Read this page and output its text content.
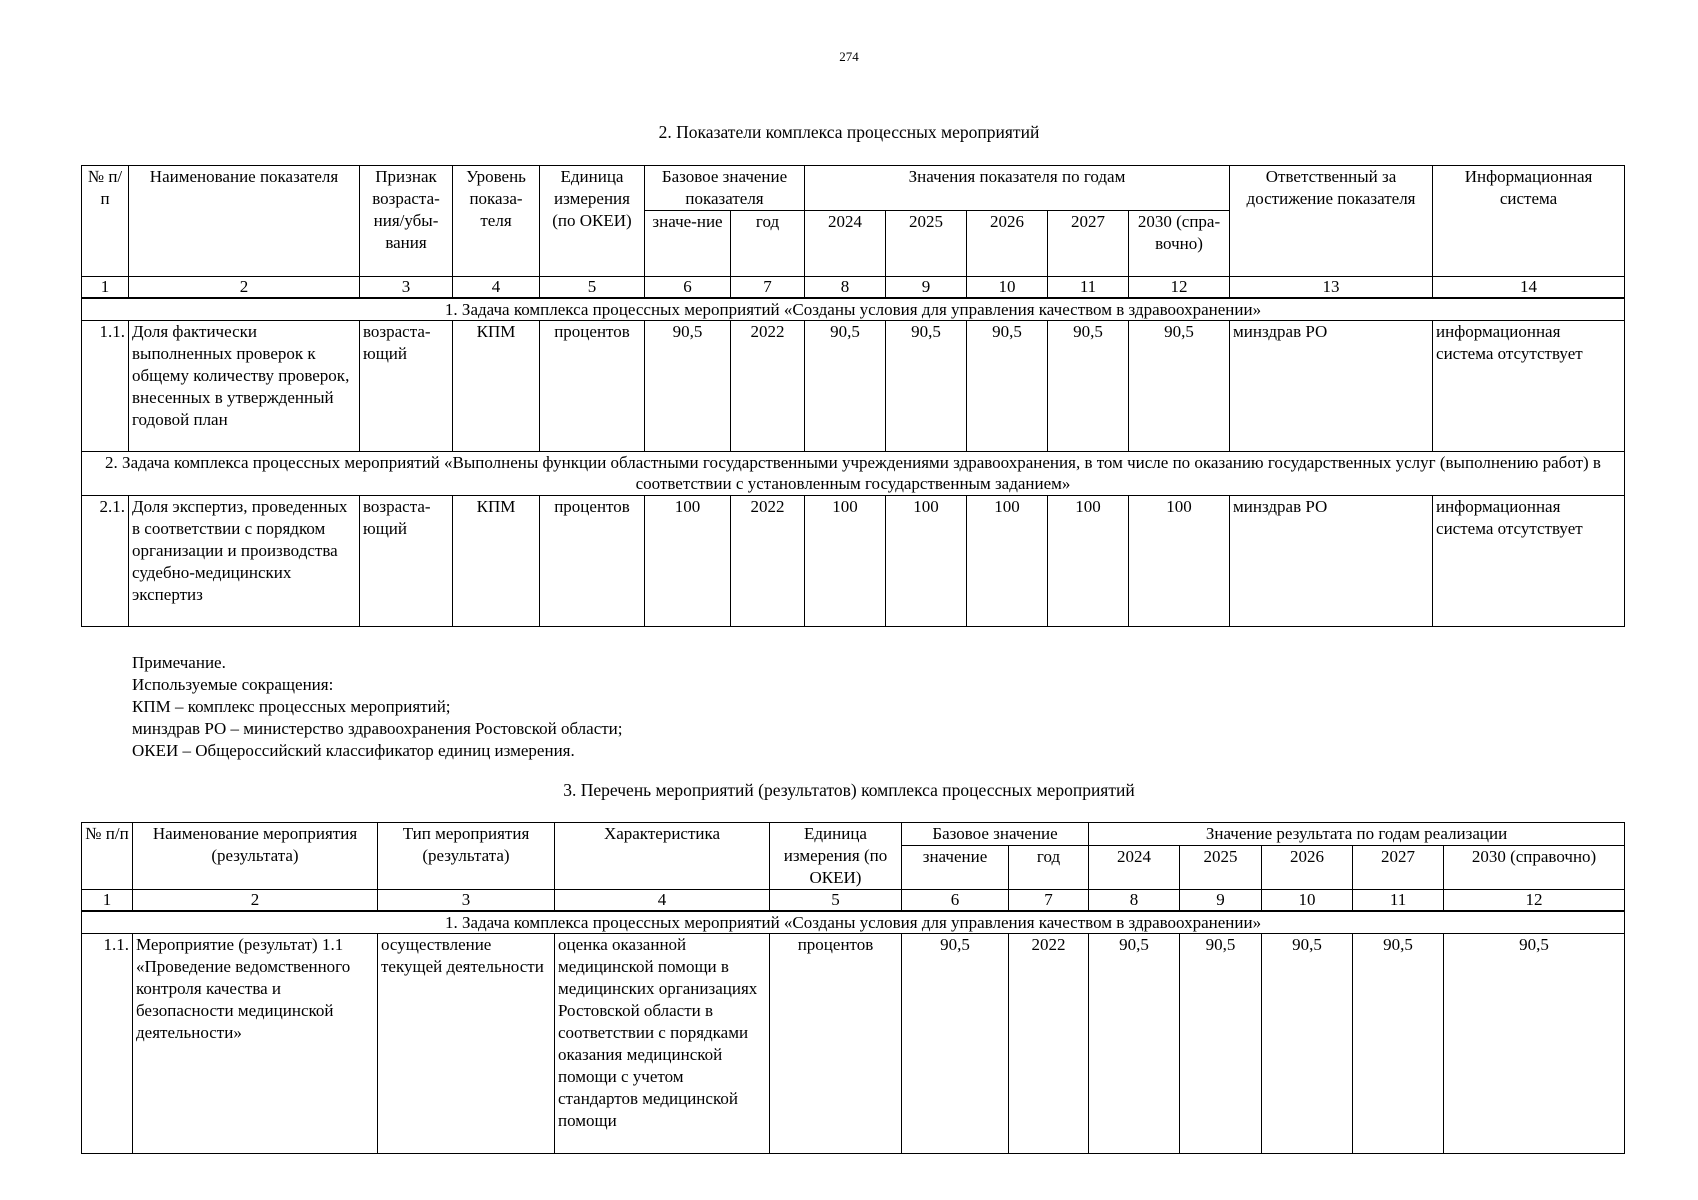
274
2. Показатели комплекса процессных мероприятий
№ п/п	Наименование показателя	Признак возраста-ния/убы-вания	Уровень показа-теля	Единица измерения (по ОКЕИ)	Базовое значение показателя		Значения показателя по годам					Ответственный за достижение показателя	Информационная система
					значе-ние	год	2024	2025	2026	2027	2030 (спра-вочно)		
1	2	3	4	5	6	7	8	9	10	11	12	13	14
1. Задача комплекса процессных мероприятий «Созданы условия для управления качеством в здравоохранении»													
1.1.	Доля фактически выполненных проверок к общему количеству проверок, внесенных в утвержденный годовой план	возраста-ющий	КПМ	процентов	90,5	2022	90,5	90,5	90,5	90,5	90,5	минздрав РО	информационная система отсутствует
2. Задача комплекса процессных мероприятий «Выполнены функции областными государственными учреждениями здравоохранения, в том числе по оказанию государственных услуг (выполнению работ) в соответствии с установленным государственным заданием»													
2.1.	Доля экспертиз, проведенных в соответствии с порядком организации и производства судебно-медицинских экспертиз	возраста-ющий	КПМ	процентов	100	2022	100	100	100	100	100	минздрав РО	информационная система отсутствует
Примечание.
Используемые сокращения:
КПМ – комплекс процессных мероприятий;
минздрав РО – министерство здравоохранения Ростовской области;
ОКЕИ – Общероссийский классификатор единиц измерения.
3. Перечень мероприятий (результатов) комплекса процессных мероприятий
№ п/п	Наименование мероприятия (результата)	Тип мероприятия (результата)	Характеристика	Единица измерения (по ОКЕИ)	Базовое значение		Значение результата по годам реализации				
					значение	год	2024	2025	2026	2027	2030 (справочно)
1	2	3	4	5	6	7	8	9	10	11	12
1. Задача комплекса процессных мероприятий «Созданы условия для управления качеством в здравоохранении»											
1.1.	Мероприятие (результат) 1.1 «Проведение ведомственного контроля качества и безопасности медицинской деятельности»	осуществление текущей деятельности	оценка оказанной медицинской помощи в медицинских организациях Ростовской области в соответствии с порядками оказания медицинской помощи с учетом стандартов медицинской помощи	процентов	90,5	2022	90,5	90,5	90,5	90,5	90,5
